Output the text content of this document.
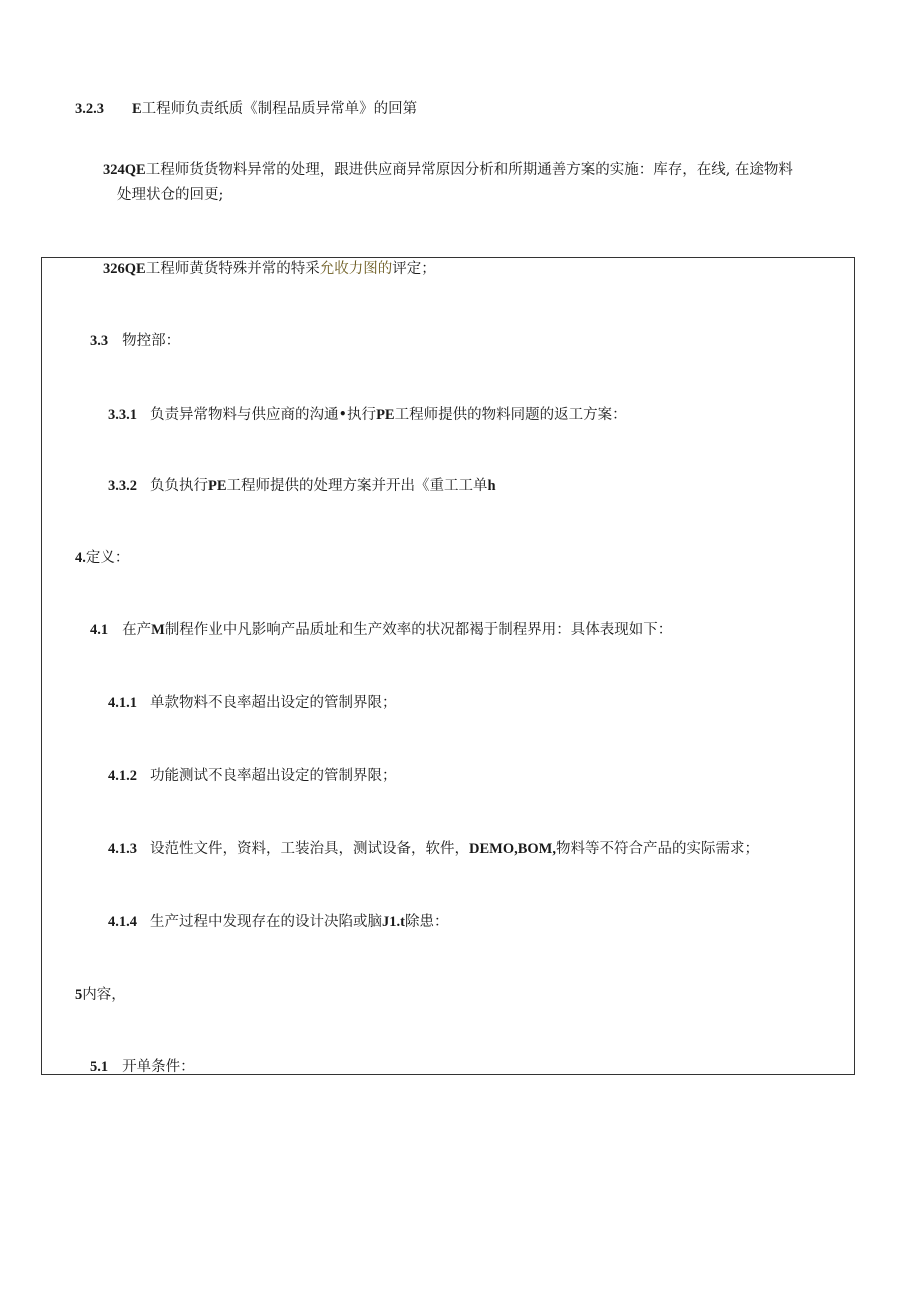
3.2.3 E工程师负责纸质《制程品质异常单》的回第
324QE工程师货货物料异常的处理，跟进供应商异常原因分析和所期通善方案的实施：库存，在线, 在途物料
处理状仓的回更;
326QE工程师黄货特殊并常的特采允收力图的评定；
3.3 物控部：
3.3.1 负责异常物料与供应商的沟通•执行PE工程师提供的物料同题的返工方案：
3.3.2 负负执行PE工程师提供的处理方案并开出《重工工单h
4.定义：
4.1 在产M制程作业中凡影响产品质址和生产效率的状况都褐于制程界用：具体表现如下：
4.1.1 单款物料不良率超出设定的管制界限；
4.1.2 功能测试不良率超出设定的管制界限；
4.1.3 设范性文件，资料，工装治具，测试设备，软件，DEMO,BOM,物料等不符合产品的实际需求；
4.1.4 生产过程中发现存在的设计决陷或脑J1.t除患：
5内容，
5.1 开单条件：
